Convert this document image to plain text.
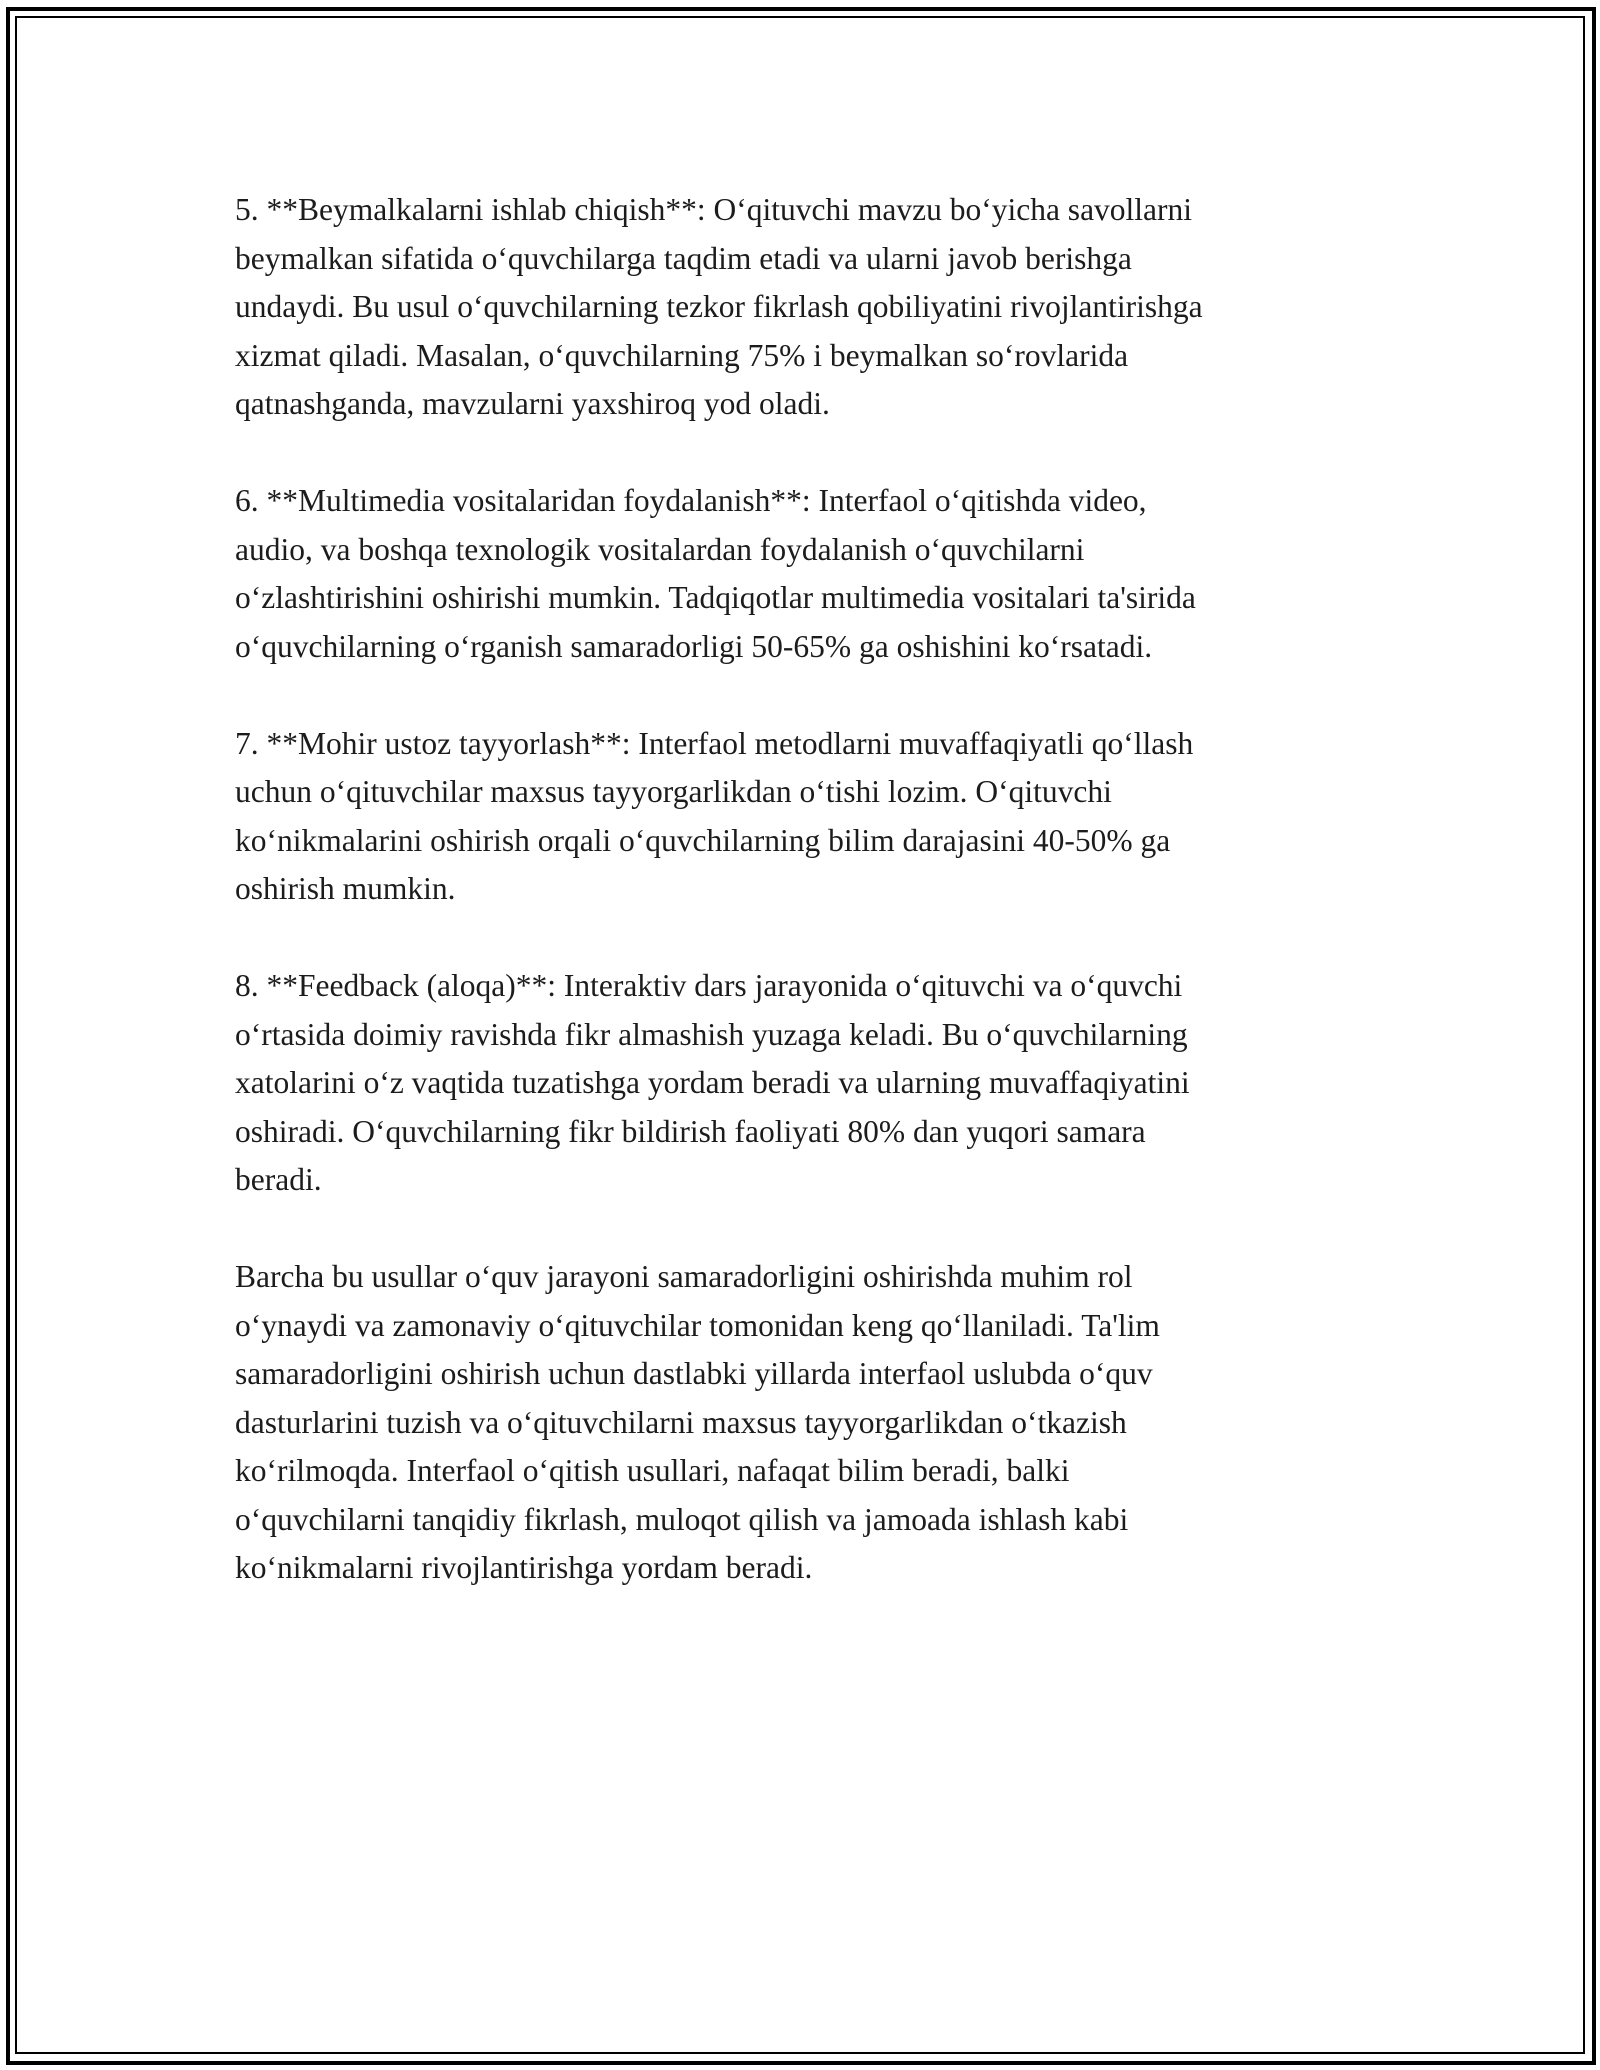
5. **Beymalkalarni ishlab chiqish**: O‘qituvchi mavzu bo‘yicha savollarni
beymalkan sifatida o‘quvchilarga taqdim etadi va ularni javob berishga
undaydi. Bu usul o‘quvchilarning tezkor fikrlash qobiliyatini rivojlantirishga
xizmat qiladi. Masalan, o‘quvchilarning 75% i beymalkan so‘rovlarida
qatnashganda, mavzularni yaxshiroq yod oladi.

6. **Multimedia vositalaridan foydalanish**: Interfaol o‘qitishda video,
audio, va boshqa texnologik vositalardan foydalanish o‘quvchilarni
o‘zlashtirishini oshirishi mumkin. Tadqiqotlar multimedia vositalari ta'sirida
o‘quvchilarning o‘rganish samaradorligi 50-65% ga oshishini ko‘rsatadi.

7. **Mohir ustoz tayyorlash**: Interfaol metodlarni muvaffaqiyatli qo‘llash
uchun o‘qituvchilar maxsus tayyorgarlikdan o‘tishi lozim. O‘qituvchi
ko‘nikmalarini oshirish orqali o‘quvchilarning bilim darajasini 40-50% ga
oshirish mumkin.

8. **Feedback (aloqa)**: Interaktiv dars jarayonida o‘qituvchi va o‘quvchi
o‘rtasida doimiy ravishda fikr almashish yuzaga keladi. Bu o‘quvchilarning
xatolarini o‘z vaqtida tuzatishga yordam beradi va ularning muvaffaqiyatini
oshiradi. O‘quvchilarning fikr bildirish faoliyati 80% dan yuqori samara
beradi.

Barcha bu usullar o‘quv jarayoni samaradorligini oshirishda muhim rol
o‘ynaydi va zamonaviy o‘qituvchilar tomonidan keng qo‘llaniladi. Ta'lim
samaradorligini oshirish uchun dastlabki yillarda interfaol uslubda o‘quv
dasturlarini tuzish va o‘qituvchilarni maxsus tayyorgarlikdan o‘tkazish
ko‘rilmoqda. Interfaol o‘qitish usullari, nafaqat bilim beradi, balki
o‘quvchilarni tanqidiy fikrlash, muloqot qilish va jamoada ishlash kabi
ko‘nikmalarni rivojlantirishga yordam beradi.
